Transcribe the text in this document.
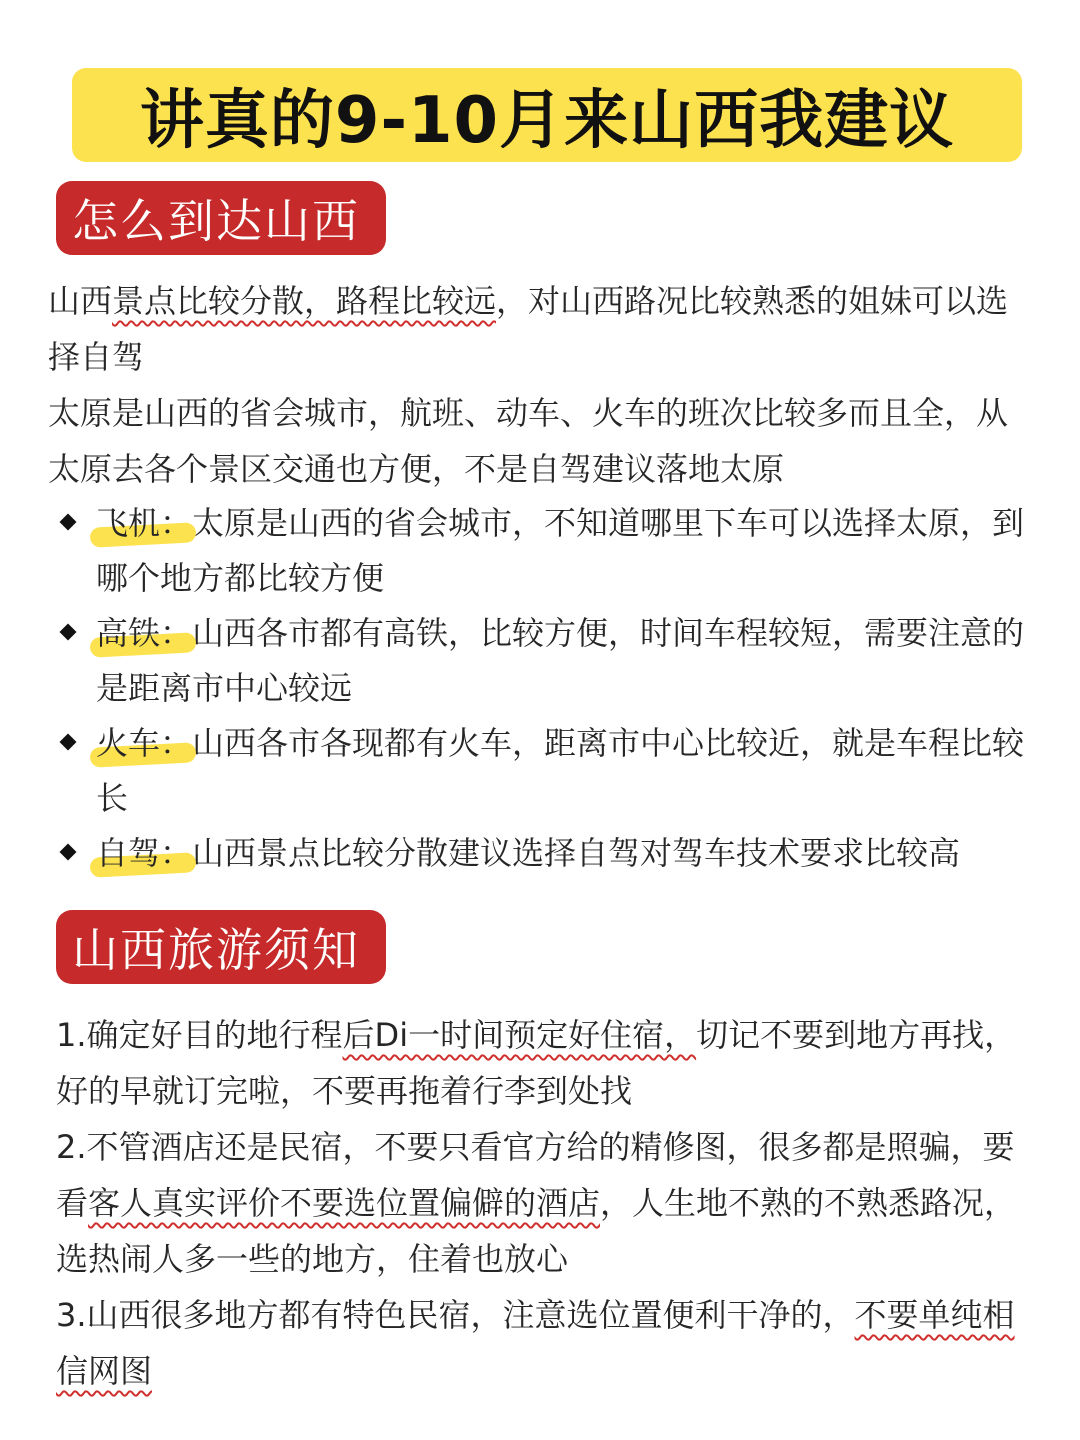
讲真的9-10月来山西我建议
怎么到达山西
山西景点比较分散，路程比较远，对山西路况比较熟悉的姐妹可以选择自驾
太原是山西的省会城市，航班、动车、火车的班次比较多而且全，从太原去各个景区交通也方便，不是自驾建议落地太原
飞机：太原是山西的省会城市，不知道哪里下车可以选择太原，到哪个地方都比较方便
高铁：山西各市都有高铁，比较方便，时间车程较短，需要注意的是距离市中心较远
火车：山西各市各现都有火车，距离市中心比较近，就是车程比较长
自驾：山西景点比较分散建议选择自驾对驾车技术要求比较高
山西旅游须知
1.确定好目的地行程后Di一时间预定好住宿，切记不要到地方再找，好的早就订完啦，不要再拖着行李到处找
2.不管酒店还是民宿，不要只看官方给的精修图，很多都是照骗，要看客人真实评价不要选位置偏僻的酒店，人生地不熟的不熟悉路况，选热闹人多一些的地方，住着也放心
3.山西很多地方都有特色民宿，注意选位置便利干净的，不要单纯相信网图
